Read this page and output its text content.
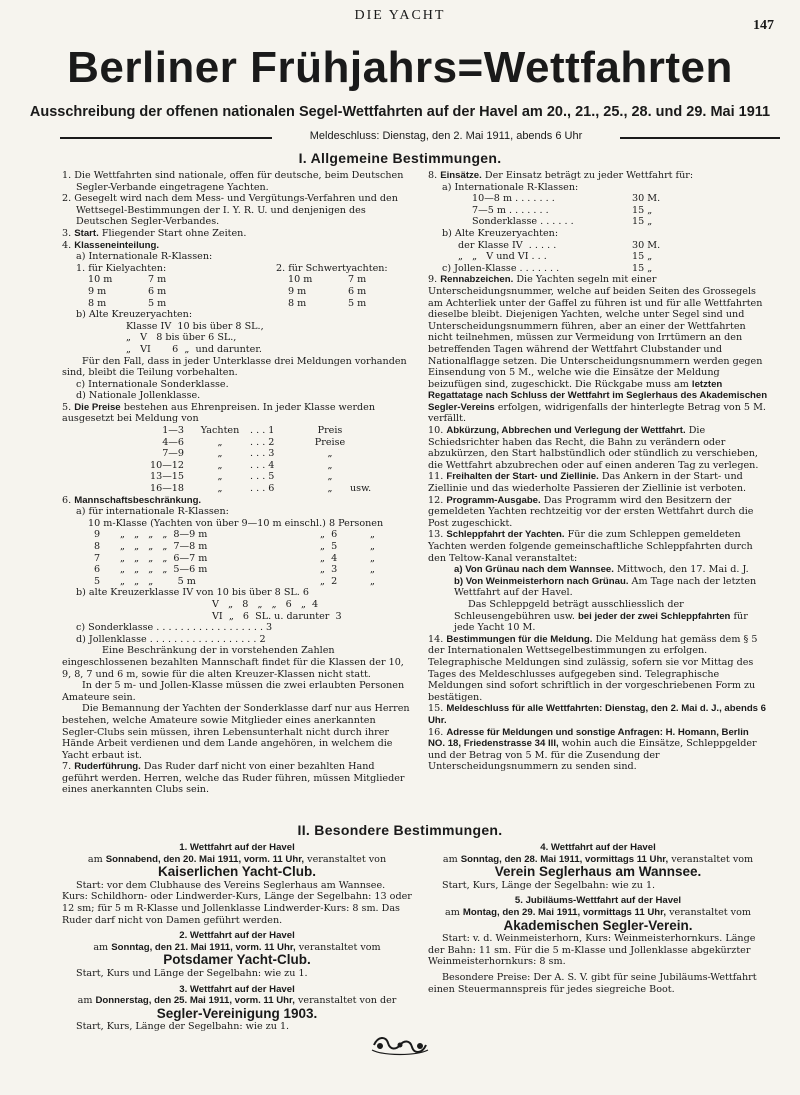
DIE YACHT
147
Berliner Frühjahrs=Wettfahrten
Ausschreibung der offenen nationalen Segel-Wettfahrten auf der Havel am 20., 21., 25., 28. und 29. Mai 1911
Meldeschluss: Dienstag, den 2. Mai 1911, abends 6 Uhr
I. Allgemeine Bestimmungen.

1. Die Wettfahrten sind nationale, offen für deutsche, beim Deutschen Segler-Verbande eingetragene Yachten.

2. Gesegelt wird nach dem Mess- und Vergütungs-Verfahren und den Wettsegel-Bestimmungen der I. Y. R. U. und denjenigen des Deutschen Segler-Verbandes.

3. Start. Fliegender Start ohne Zeiten.

4. Klasseneinteilung.

a) Internationale R-Klassen:

1. für Kielyachten:	2. für Schwertyachten:
10 m	7 m	10 m	7 m
9 m	6 m	9 m	6 m
8 m	5 m	8 m	5 m

b) Alte Kreuzeryachten:

Klasse IV  10 bis über 8 SL.,
„   V   8 bis über 6 SL.,
„   VI       6  „  und darunter.

Für den Fall, dass in jeder Unterklasse drei Meldungen vorhanden sind, bleibt die Teilung vorbehalten.

c) Internationale Sonderklasse.

d) Nationale Jollenklasse.

5. Die Preise bestehen aus Ehrenpreisen. In jeder Klasse werden ausgesetzt bei Meldung von

1—3	Yachten	. . . 1	Preis
4—6	„	. . . 2	Preise
7—9	„	. . . 3	„
10—12	„	. . . 4	„
13—15	„	. . . 5	„
16—18	„	. . . 6	„	usw.

6. Mannschaftsbeschränkung.

a) für internationale R-Klassen:

10 m-Klasse (Yachten von über 9—10 m einschl.) 8 Personen

9	„   „   „   „  8—9 m	„  6	„
8	„   „   „   „  7—8 m	„  5	„
7	„   „   „   „  6—7 m	„  4	„
6	„   „   „   „  5—6 m	„  3	„
5	„   „   „        5 m	„  2	„

b) alte Kreuzerklasse IV von 10 bis über 8 SL. 6

V   „   8   „   „   6   „  4
VI  „   6  SL. u. darunter  3

c) Sonderklasse . . . . . . . . . . . . . . . . . . 3

d) Jollenklasse . . . . . . . . . . . . . . . . . . 2

Eine Beschränkung der in vorstehenden Zahlen eingeschlossenen bezahlten Mannschaft findet für die Klassen der 10, 9, 8, 7 und 6 m, sowie für die alten Kreuzer-Klassen nicht statt.

In der 5 m- und Jollen-Klasse müssen die zwei erlaubten Personen Amateure sein.

Die Bemannung der Yachten der Sonderklasse darf nur aus Herren bestehen, welche Amateure sowie Mitglieder eines anerkannten Segler-Clubs sein müssen, ihren Lebensunterhalt nicht durch ihrer Hände Arbeit verdienen und dem Lande angehören, in welchem die Yacht erbaut ist.

7. Ruderführung. Das Ruder darf nicht von einer bezahlten Hand geführt werden. Herren, welche das Ruder führen, müssen Mitglieder eines anerkannten Clubs sein.

8. Einsätze. Der Einsatz beträgt zu jeder Wettfahrt für:

a) Internationale R-Klassen:

10—8 m . . . . . . .	30 M.
7—5 m . . . . . . .	15 „
Sonderklasse . . . . . .	15 „

b) Alte Kreuzeryachten:

der Klasse IV  . . . . .	30 M.
„   „   V und VI . . .	15 „
c) Jollen-Klasse . . . . . . .	15 „

9. Rennabzeichen. Die Yachten segeln mit einer Unterscheidungsnummer, welche auf beiden Seiten des Grossegels am Achterliek unter der Gaffel zu führen ist und für alle Wettfahrten dieselbe bleibt. Diejenigen Yachten, welche unter Segel sind und Unterscheidungsnummern führen, aber an einer der Wettfahrten nicht teilnehmen, müssen zur Vermeidung von Irrtümern an den betreffenden Tagen während der Wettfahrt Clubstander und Nationalflagge setzen. Die Unterscheidungsnummern werden gegen Einsendung von 5 M., welche wie die Einsätze der Meldung beizufügen sind, zugeschickt. Die Rückgabe muss am letzten Regattatage nach Schluss der Wettfahrt im Seglerhaus des Akademischen Segler-Vereins erfolgen, widrigenfalls der hinterlegte Betrag von 5 M. verfällt.

10. Abkürzung, Abbrechen und Verlegung der Wettfahrt. Die Schiedsrichter haben das Recht, die Bahn zu verändern oder abzukürzen, den Start halbstündlich oder stündlich zu verschieben, die Wettfahrt abzubrechen oder auf einen anderen Tag zu verlegen.

11. Freihalten der Start- und Ziellinie. Das Ankern in der Start- und Ziellinie und das wiederholte Passieren der Ziellinie ist verboten.

12. Programm-Ausgabe. Das Programm wird den Besitzern der gemeldeten Yachten rechtzeitig vor der ersten Wettfahrt durch die Post zugeschickt.

13. Schleppfahrt der Yachten. Für die zum Schleppen gemeldeten Yachten werden folgende gemeinschaftliche Schleppfahrten durch den Teltow-Kanal veranstaltet:

a) Von Grünau nach dem Wannsee. Mittwoch, den 17. Mai d. J.

b) Von Weinmeisterhorn nach Grünau. Am Tage nach der letzten Wettfahrt auf der Havel.

Das Schleppgeld beträgt ausschliesslich der Schleusengebühren usw. bei jeder der zwei Schleppfahrten für jede Yacht 10 M.

14. Bestimmungen für die Meldung. Die Meldung hat gemäss dem § 5 der Internationalen Wettsegelbestimmungen zu erfolgen. Telegraphische Meldungen sind zulässig, sofern sie vor Mittag des Tages des Meldeschlusses aufgegeben sind. Telegraphische Meldungen sind sofort schriftlich in der vorgeschriebenen Form zu bestätigen.

15. Meldeschluss für alle Wettfahrten: Dienstag, den 2. Mai d. J., abends 6 Uhr.

16. Adresse für Meldungen und sonstige Anfragen: H. Homann, Berlin NO. 18, Friedenstrasse 34 III, wohin auch die Einsätze, Schleppgelder und der Betrag von 5 M. für die Zusendung der Unterscheidungsnummern zu senden sind.

II. Besondere Bestimmungen.
1. Wettfahrt auf der Havel
am Sonnabend, den 20. Mai 1911, vorm. 11 Uhr, veranstaltet von
Kaiserlichen Yacht-Club.
Start: vor dem Clubhause des Vereins Seglerhaus am Wannsee. Kurs: Schildhorn- oder Lindwerder-Kurs, Länge der Segelbahn: 13 oder 12 sm; für 5 m R-Klasse und Jollenklasse Lindwerder-Kurs: 8 sm. Das Ruder darf nicht von Damen geführt werden.
2. Wettfahrt auf der Havel
am Sonntag, den 21. Mai 1911, vorm. 11 Uhr, veranstaltet vom
Potsdamer Yacht-Club.
Start, Kurs und Länge der Segelbahn: wie zu 1.
3. Wettfahrt auf der Havel
am Donnerstag, den 25. Mai 1911, vorm. 11 Uhr, veranstaltet von der
Segler-Vereinigung 1903.
Start, Kurs, Länge der Segelbahn: wie zu 1.
4. Wettfahrt auf der Havel
am Sonntag, den 28. Mai 1911, vormittags 11 Uhr, veranstaltet vom
Verein Seglerhaus am Wannsee.
Start, Kurs, Länge der Segelbahn: wie zu 1.
5. Jubiläums-Wettfahrt auf der Havel
am Montag, den 29. Mai 1911, vormittags 11 Uhr, veranstaltet vom
Akademischen Segler-Verein.
Start: v. d. Weinmeisterhorn, Kurs: Weinmeisterhornkurs. Länge der Bahn: 11 sm. Für die 5 m-Klasse und Jollenklasse abgekürzter Weinmeisterhornkurs: 8 sm.
Besondere Preise: Der A. S. V. gibt für seine Jubiläums-Wettfahrt einen Steuermannspreis für jedes siegreiche Boot.
